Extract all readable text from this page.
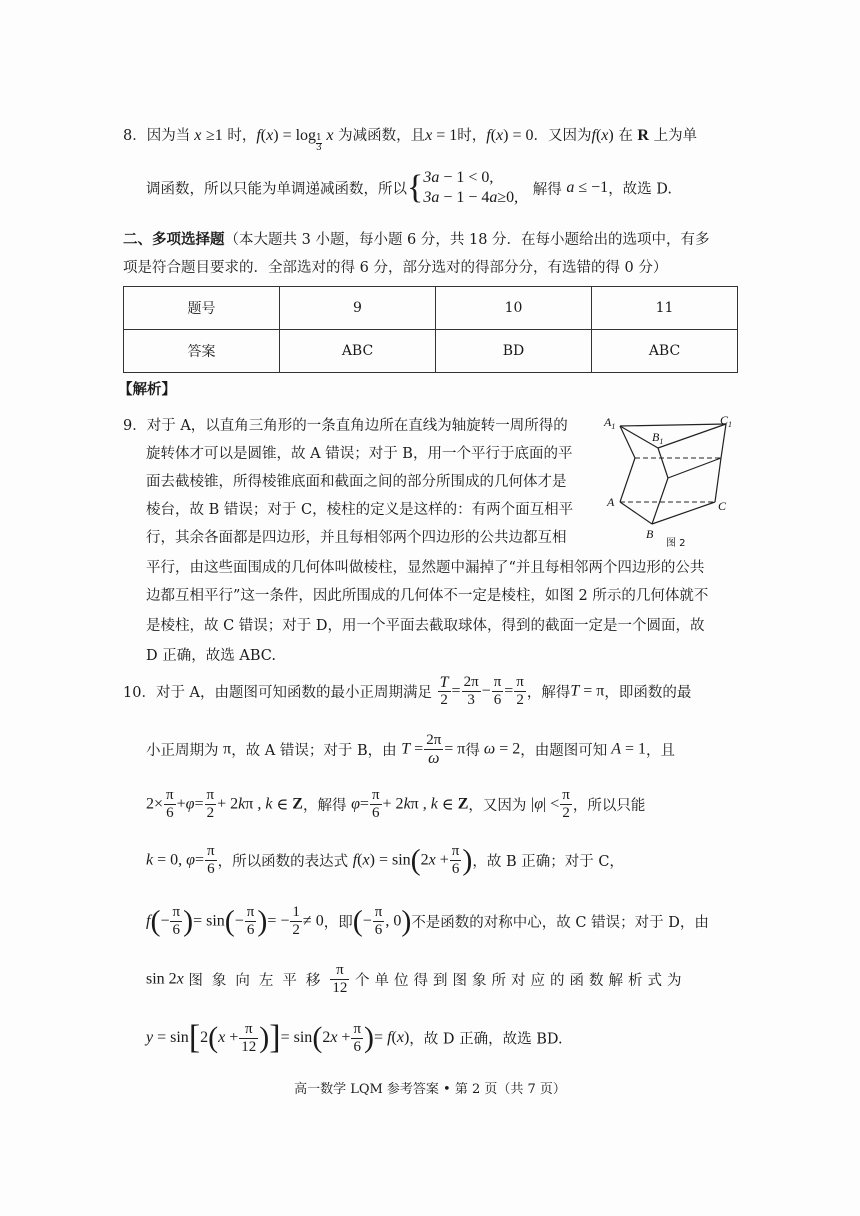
8．因为当 x ≥1 时，$f(x) = \log \frac{1}{3}$ x 为减函数，且x = 1时，f(x) = 0．又因为f(x) 在 R 上为单
调函数，所以只能为单调递减函数，所以{3a − 1 < 0,
3a − 1 − 4a≥0, 解得 a ≤ −1，故选 D.
二、多项选择题（本大题共 3 小题，每小题 6 分，共 18 分．在每小题给出的选项中，有多
项是符合题目要求的．全部选对的得 6 分，部分选对的得部分分，有选错的得 0 分）
题号	9	10	11
答案	ABC	BD	ABC
【解析】
9．对于 A，以直角三角形的一条直角边所在直线为轴旋转一周所得的
旋转体才可以是圆锥，故 A 错误；对于 B，用一个平行于底面的平
面去截棱锥，所得棱锥底面和截面之间的部分所围成的几何体才是
棱台，故 B 错误；对于 C，棱柱的定义是这样的：有两个面互相平
行，其余各面都是四边形，并且每相邻两个四边形的公共边都互相
平行，由这些面围成的几何体叫做棱柱，显然题中漏掉了“并且每相邻两个四边形的公共
边都互相平行”这一条件，因此所围成的几何体不一定是棱柱，如图 2 所示的几何体就不
是棱柱，故 C 错误；对于 D，用一个平面去截取球体，得到的截面一定是一个圆面，故
D 正确，故选 ABC.
$A_1$
$B_1$
$C_1$
A
B
C
图 2
10．对于 A，由题图可知函数的最小正周期满足 $\frac{T}{2} = \frac{2\pi}{3} - \frac{\pi}{6} = \frac{\pi}{2}$ ，解得T = π，即函数的最
小正周期为 π，故 A 错误；对于 B，由 $T = \frac{2\pi}{\omega} = \pi$得 ω = 2，由题图可知 A = 1，且
$2\times \frac{\pi}{6} +\varphi= \frac{\pi}{2} + 2k\pi$ , k ∈ Z，解得 $\varphi= \frac{\pi}{6} + 2k\pi$ , k ∈ Z，又因为 $|\varphi| < \frac{\pi}{2}$ ，所以只能
k = 0, $\varphi= \frac{\pi}{6}$ ，所以函数的表达式 $f(x) = \sin(2x + \frac{\pi}{6}$ )，故 B 正确；对于 C，
$f(- \frac{\pi}{6}$ )= $\sin(- \frac{\pi}{6}$ )= − $\frac{1}{2} \ne 0$，即(− $\frac{\pi}{6}$ , 0)不是函数的对称中心，故 C 错误；对于 D，由
sin 2x 图象向左平移 $\frac{\pi}{12}$ 个单位得到图象所对应的函数解析式为
$y = \sin[2(x + \frac{\pi}{12}$ )]= $\sin(2x + \frac{\pi}{6}$ )= f(x)，故 D 正确，故选 BD.
高一数学 LQM 参考答案 • 第 2 页（共 7 页）
